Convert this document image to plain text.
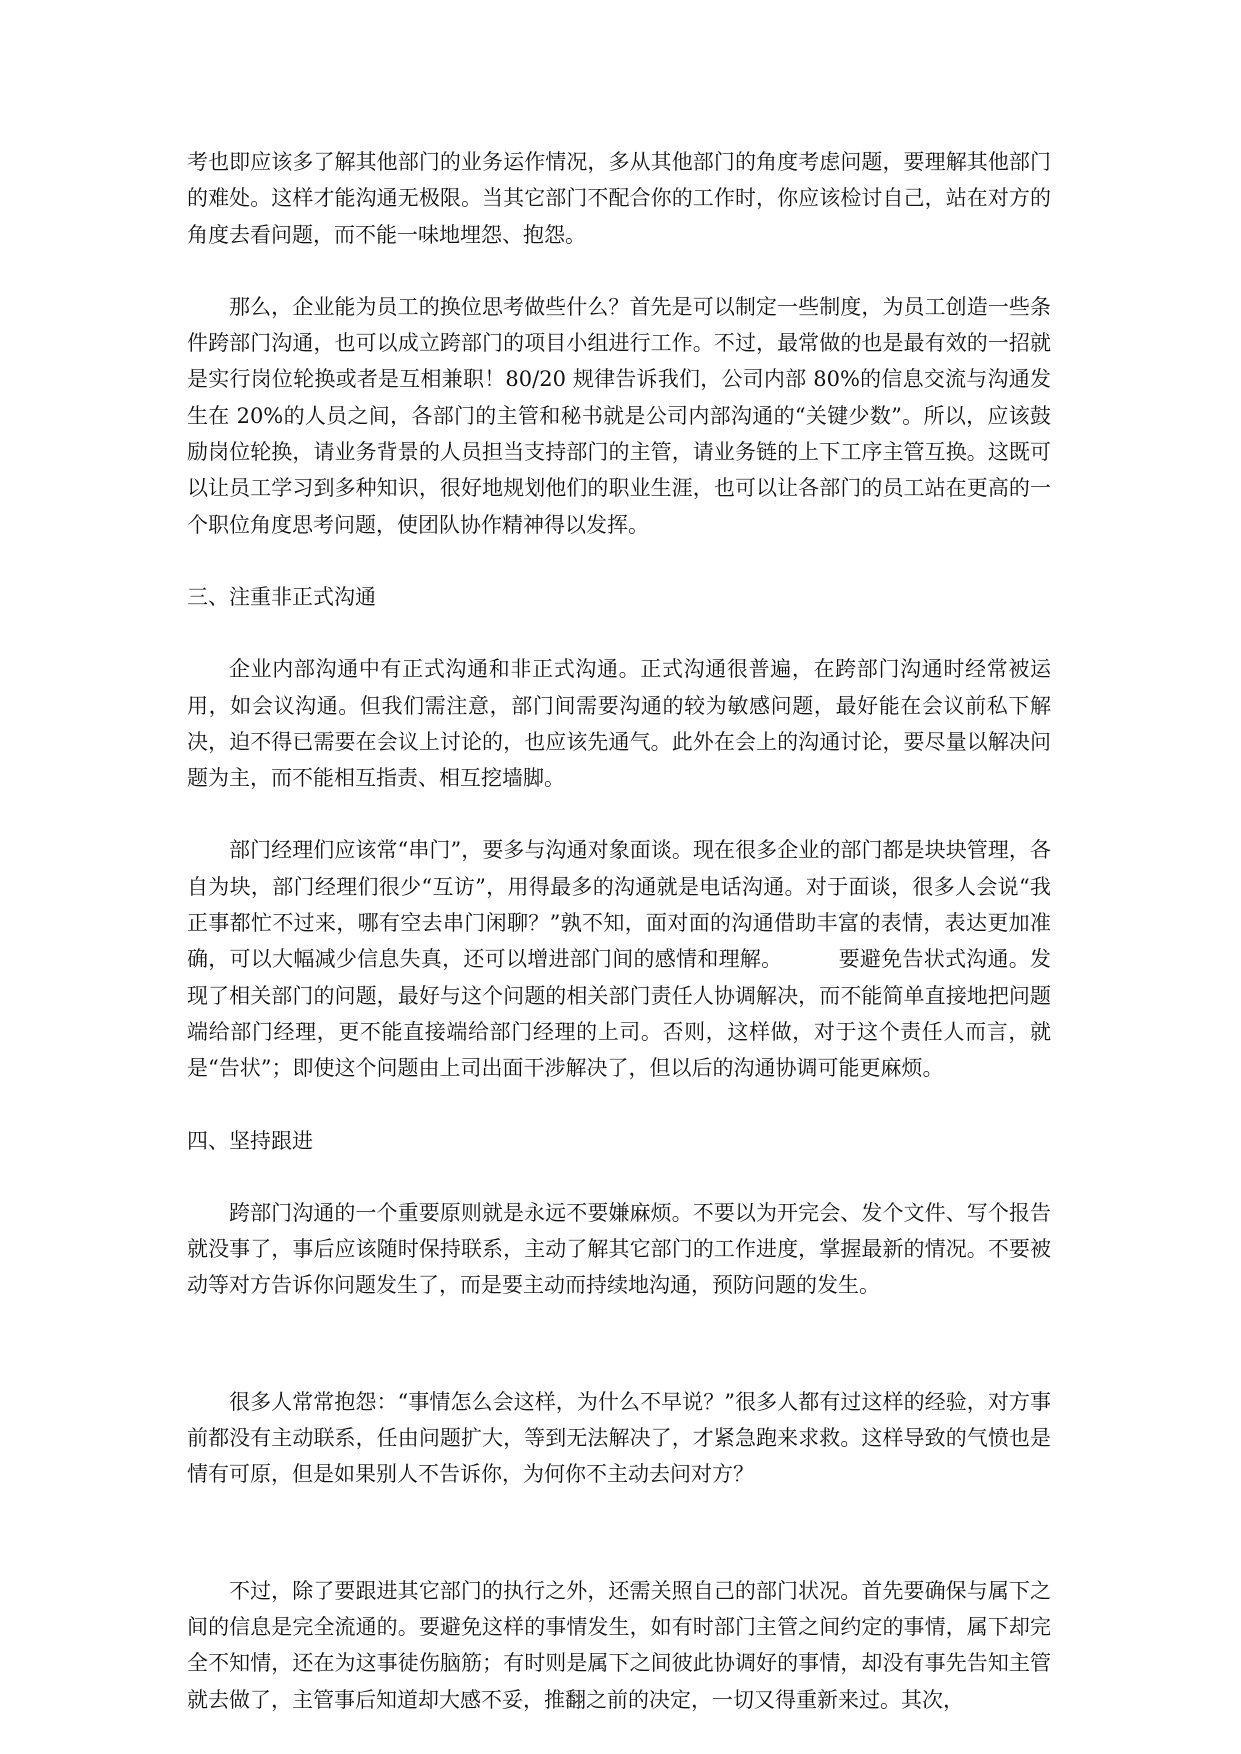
考也即应该多了解其他部门的业务运作情况，多从其他部门的角度考虑问题，要理解其他部门的难处。这样才能沟通无极限。当其它部门不配合你的工作时，你应该检讨自己，站在对方的角度去看问题，而不能一味地埋怨、抱怨。

那么，企业能为员工的换位思考做些什么？首先是可以制定一些制度，为员工创造一些条件跨部门沟通，也可以成立跨部门的项目小组进行工作。不过，最常做的也是最有效的一招就是实行岗位轮换或者是互相兼职！80/20 规律告诉我们，公司内部 80%的信息交流与沟通发生在 20%的人员之间，各部门的主管和秘书就是公司内部沟通的“关键少数”。所以，应该鼓励岗位轮换，请业务背景的人员担当支持部门的主管，请业务链的上下工序主管互换。这既可以让员工学习到多种知识，很好地规划他们的职业生涯，也可以让各部门的员工站在更高的一个职位角度思考问题，使团队协作精神得以发挥。

三、注重非正式沟通

企业内部沟通中有正式沟通和非正式沟通。正式沟通很普遍，在跨部门沟通时经常被运用，如会议沟通。但我们需注意，部门间需要沟通的较为敏感问题，最好能在会议前私下解决，迫不得已需要在会议上讨论的，也应该先通气。此外在会上的沟通讨论，要尽量以解决问题为主，而不能相互指责、相互挖墙脚。

部门经理们应该常“串门”，要多与沟通对象面谈。现在很多企业的部门都是块块管理，各自为块，部门经理们很少“互访”，用得最多的沟通就是电话沟通。对于面谈，很多人会说“我正事都忙不过来，哪有空去串门闲聊？”孰不知，面对面的沟通借助丰富的表情，表达更加准确，可以大幅减少信息失真，还可以增进部门间的感情和理解。	要避免告状式沟通。发现了相关部门的问题，最好与这个问题的相关部门责任人协调解决，而不能简单直接地把问题端给部门经理，更不能直接端给部门经理的上司。否则，这样做，对于这个责任人而言，就是“告状”；即使这个问题由上司出面干涉解决了，但以后的沟通协调可能更麻烦。

四、坚持跟进

跨部门沟通的一个重要原则就是永远不要嫌麻烦。不要以为开完会、发个文件、写个报告就没事了，事后应该随时保持联系，主动了解其它部门的工作进度，掌握最新的情况。不要被动等对方告诉你问题发生了，而是要主动而持续地沟通，预防问题的发生。

很多人常常抱怨：“事情怎么会这样，为什么不早说？”很多人都有过这样的经验，对方事前都没有主动联系，任由问题扩大，等到无法解决了，才紧急跑来求救。这样导致的气愤也是情有可原，但是如果别人不告诉你，为何你不主动去问对方？

不过，除了要跟进其它部门的执行之外，还需关照自己的部门状况。首先要确保与属下之间的信息是完全流通的。要避免这样的事情发生，如有时部门主管之间约定的事情，属下却完全不知情，还在为这事徒伤脑筋；有时则是属下之间彼此协调好的事情，却没有事先告知主管就去做了，主管事后知道却大感不妥，推翻之前的决定，一切又得重新来过。其次，
